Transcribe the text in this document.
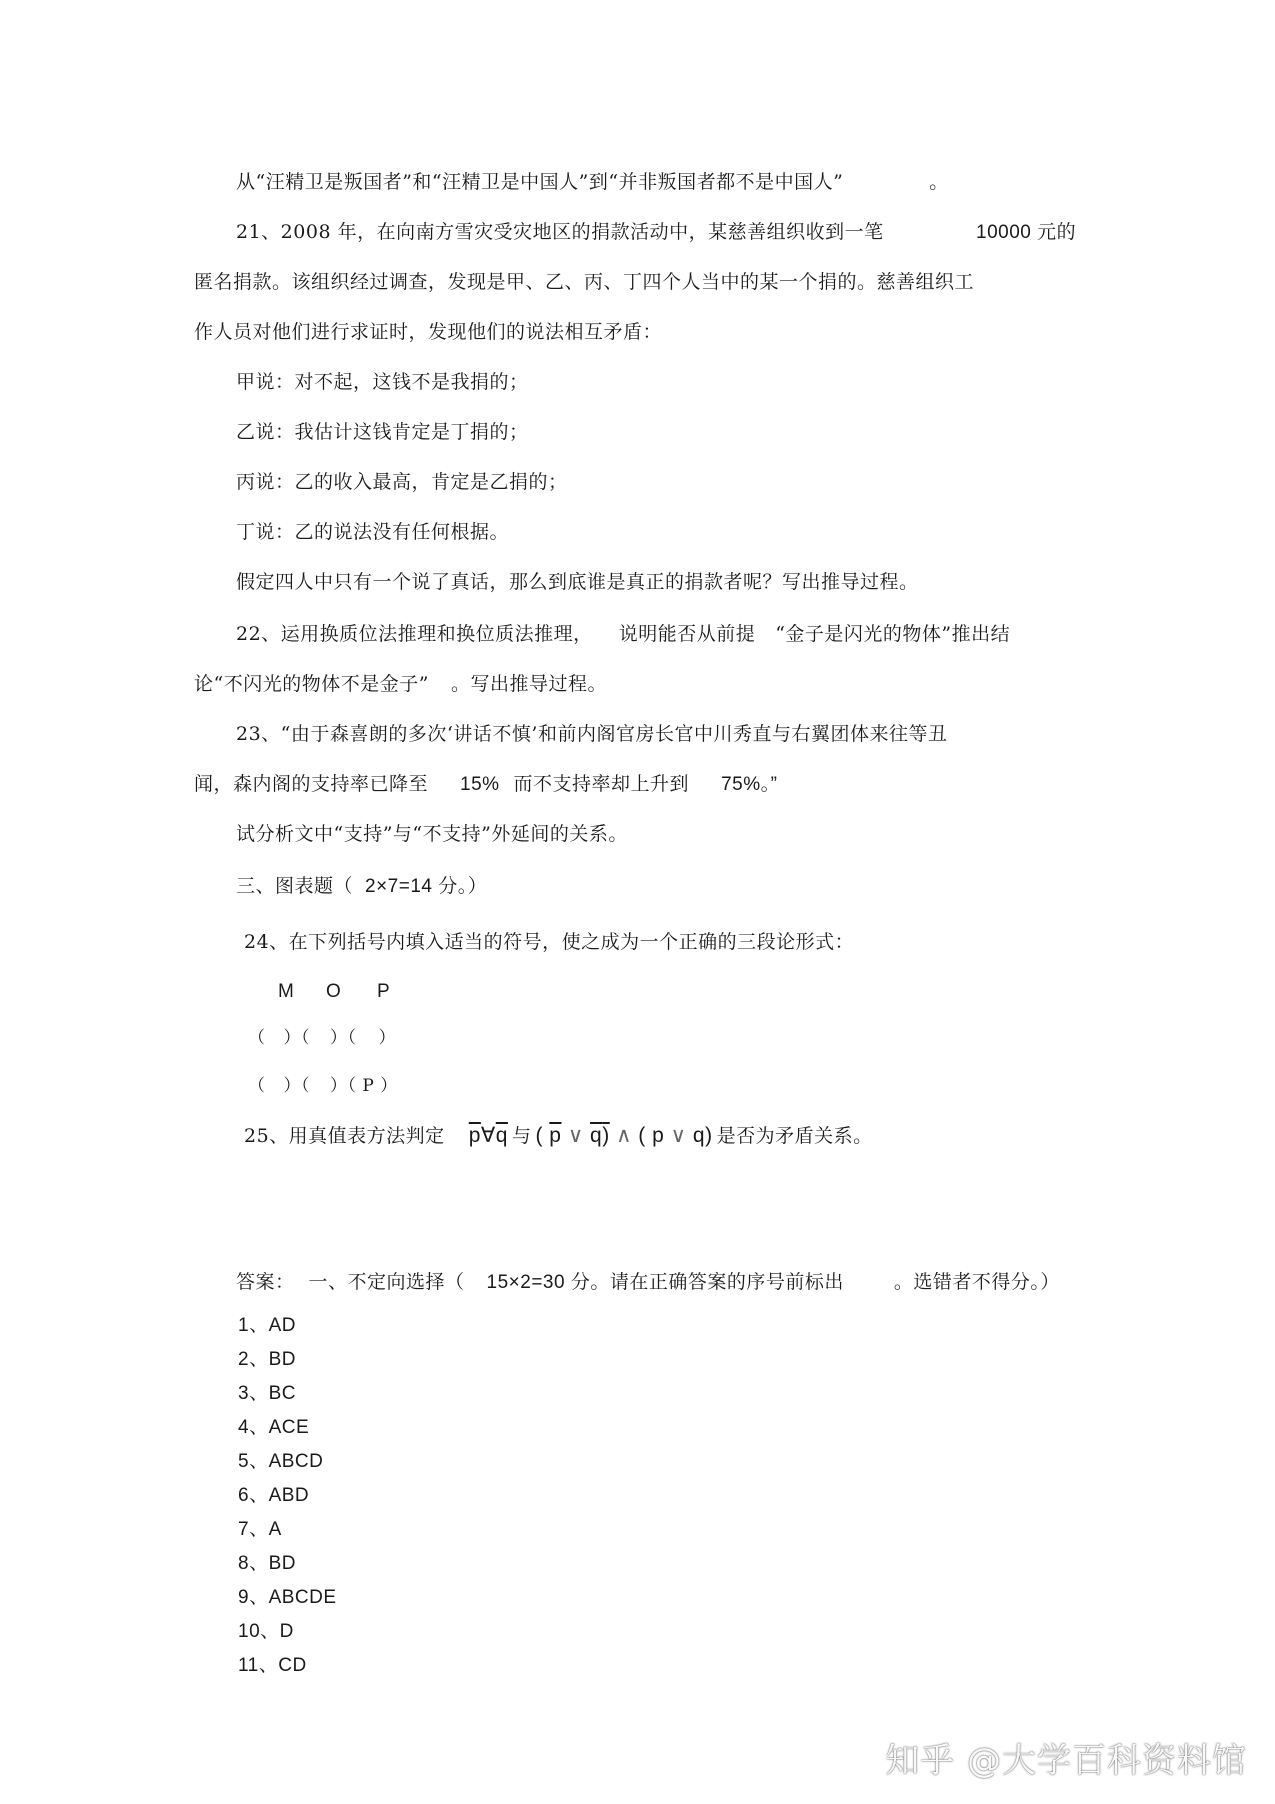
从“汪精卫是叛国者”和“汪精卫是中国人”到“并非叛国者都不是中国人”	。
21、2008 年，在向南方雪灾受灾地区的捐款活动中，某慈善组织收到一笔	10000 元的
匿名捐款。该组织经过调查，发现是甲、乙、丙、丁四个人当中的某一个捐的。慈善组织工
作人员对他们进行求证时，发现他们的说法相互矛盾：
甲说：对不起，这钱不是我捐的；
乙说：我估计这钱肯定是丁捐的；
丙说：乙的收入最高，肯定是乙捐的；
丁说：乙的说法没有任何根据。
假定四人中只有一个说了真话，那么到底谁是真正的捐款者呢？写出推导过程。
22、运用换质位法推理和换位质法推理， 说明能否从前提 “金子是闪光的物体”推出结
论“不闪光的物体不是金子” 。写出推导过程。
23、“由于森喜朗的多次‘讲话不慎’和前内阁官房长官中川秀直与右翼团体来往等丑
闻，森内阁的支持率已降至 15% 而不支持率却上升到 75%。”
试分析文中“支持”与“不支持”外延间的关系。
三、图表题（ 2×7=14 分。）
24、在下列括号内填入适当的符号，使之成为一个正确的三段论形式：
M O P
（ ）（ ）（ ）
（ ）（ ）（ P ）
25、用真值表方法判定 $\overline{p}\forall\overline{q}$ 与 ( $\overline{p}$ ∨ q) ∧ ( p ∨ q) 是否为矛盾关系。
答案： 一、不定向选择（ 15×2=30 分。请在正确答案的序号前标出	。选错者不得分。）
1、AD
2、BD
3、BC
4、ACE
5、ABCD
6、ABD
7、A
8、BD
9、ABCDE
10、D
11、CD
知乎 @大学百科资料馆
